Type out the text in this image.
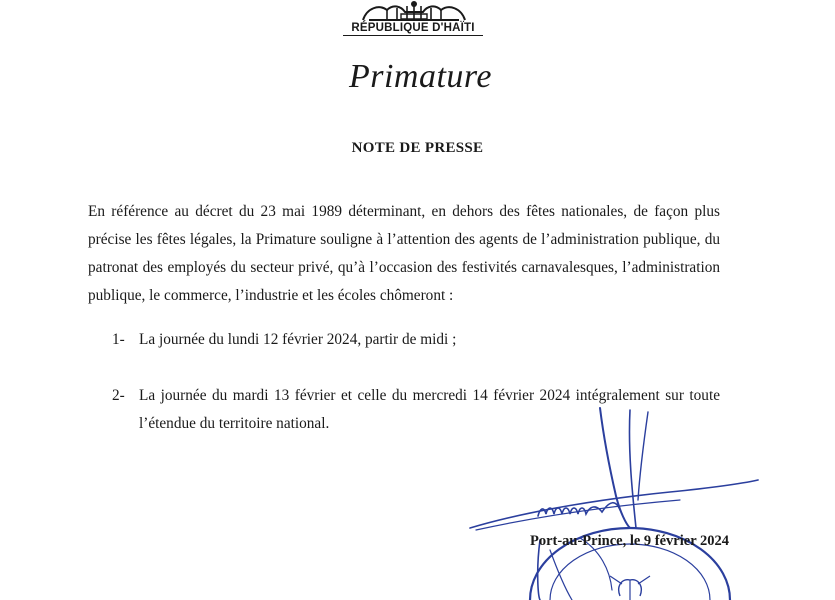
RÉPUBLIQUE D'HAÏTI
Primature
NOTE DE PRESSE

En référence au décret du 23 mai 1989 déterminant, en dehors des fêtes nationales, de façon plus précise les fêtes légales, la Primature souligne à l’attention des agents de l’administration publique, du patronat des employés du secteur privé, qu’à l’occasion des festivités carnavalesques, l’administration publique, le commerce, l’industrie et les écoles chômeront :

1- La journée du lundi 12 février 2024, partir de midi ;
2- La journée du mardi 13 février et celle du mercredi 14 février 2024 intégralement sur toute l’étendue du territoire national.
Port-au-Prince, le 9 février 2024
